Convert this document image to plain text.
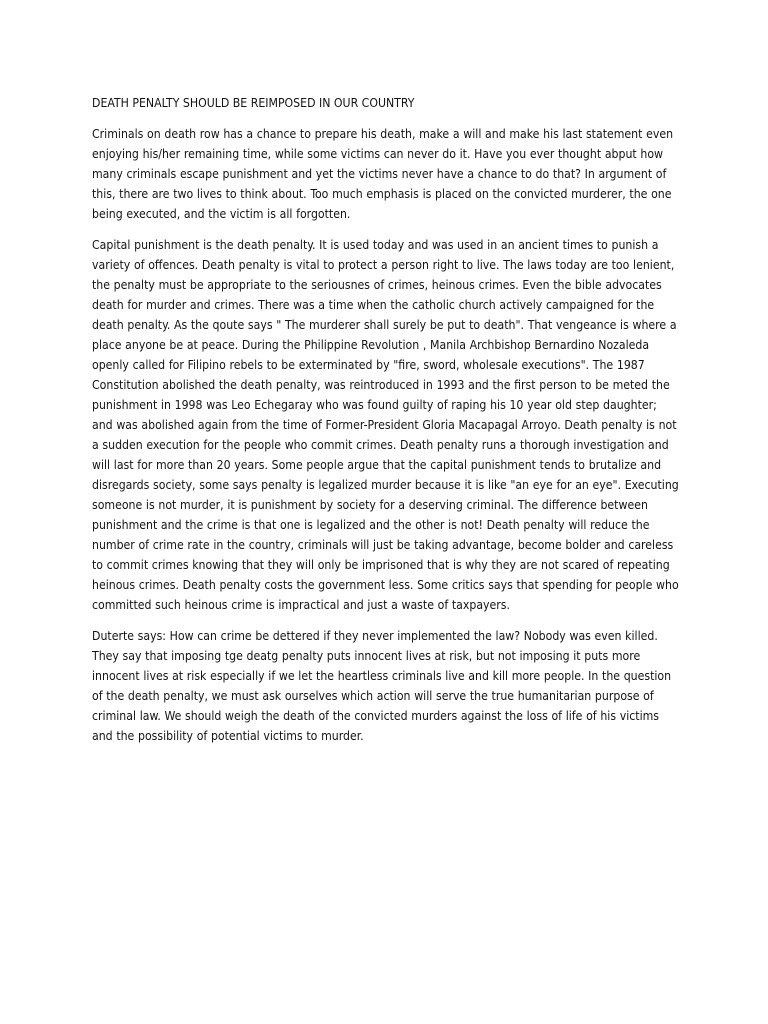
DEATH PENALTY SHOULD BE REIMPOSED IN OUR COUNTRY

Criminals on death row has a chance to prepare his death, make a will and make his last statement even enjoying his/her remaining time, while some victims can never do it. Have you ever thought abput how many criminals escape punishment and yet the victims never have a chance to do that? In argument of this, there are two lives to think about. Too much emphasis is placed on the convicted murderer, the one being executed, and the victim is all forgotten.

Capital punishment is the death penalty. It is used today and was used in an ancient times to punish a variety of offences. Death penalty is vital to protect a person right to live. The laws today are too lenient, the penalty must be appropriate to the seriousnes of crimes, heinous crimes. Even the bible advocates death for murder and crimes. There was a time when the catholic church actively campaigned for the death penalty. As the qoute says " The murderer shall surely be put to death". That vengeance is where a place anyone be at peace. During the Philippine Revolution , Manila Archbishop Bernardino Nozaleda openly called for Filipino rebels to be exterminated by "fire, sword, wholesale executions". The 1987 Constitution abolished the death penalty, was reintroduced in 1993 and the first person to be meted the punishment in 1998 was Leo Echegaray who was found guilty of raping his 10 year old step daughter; and was abolished again from the time of Former-President Gloria Macapagal Arroyo. Death penalty is not a sudden execution for the people who commit crimes. Death penalty runs a thorough investigation and will last for more than 20 years. Some people argue that the capital punishment tends to brutalize and disregards society, some says penalty is legalized murder because it is like "an eye for an eye". Executing someone is not murder, it is punishment by society for a deserving criminal. The difference between punishment and the crime is that one is legalized and the other is not! Death penalty will reduce the number of crime rate in the country, criminals will just be taking advantage, become bolder and careless to commit crimes knowing that they will only be imprisoned that is why they are not scared of repeating heinous crimes. Death penalty costs the government less. Some critics says that spending for people who committed such heinous crime is impractical and just a waste of taxpayers.

Duterte says: How can crime be dettered if they never implemented the law? Nobody was even killed. They say that imposing tge deatg penalty puts innocent lives at risk, but not imposing it puts more innocent lives at risk especially if we let the heartless criminals live and kill more people. In the question of the death penalty, we must ask ourselves which action will serve the true humanitarian purpose of criminal law. We should weigh the death of the convicted murders against the loss of life of his victims and the possibility of potential victims to murder.
